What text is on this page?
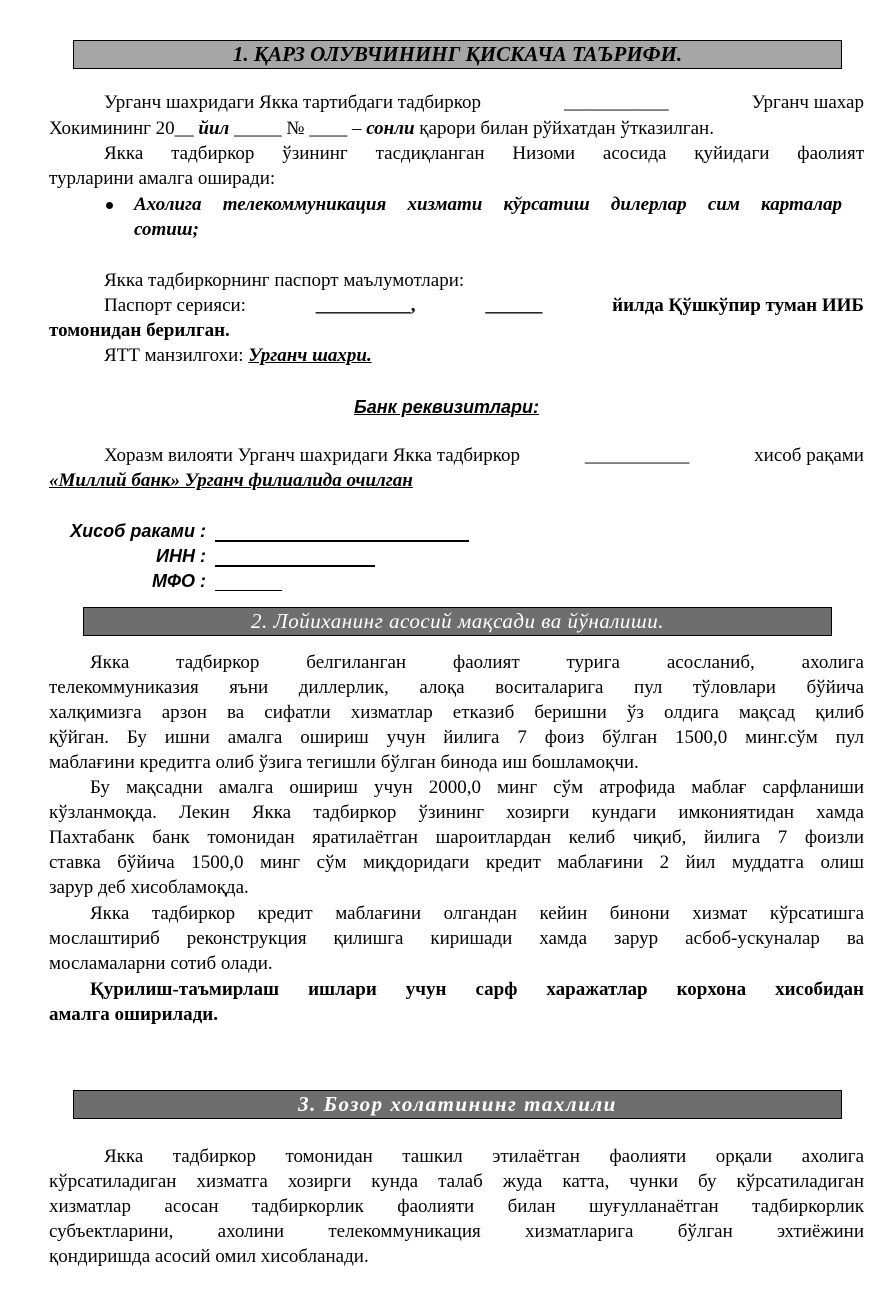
1. ҚАРЗ ОЛУВЧИНИНГ ҚИСКАЧА ТАЪРИФИ.
Урганч шахридаги Якка тартибдаги тадбиркор	___________	Урганч шахар
Хокимининг 20__ йил _____ № ____ – сонли қарори билан рўйхатдан ўтказилган.
Якка тадбиркор ўзининг тасдиқланган Низоми асосида қуйидаги фаолият
турларини амалга оширади:
Ахолига телекоммуникация хизмати кўрсатиш дилерлар сим карталар
сотиш;
Якка тадбиркорнинг паспорт маълумотлари:
Паспорт серияси:	__________,	______	йилда Қўшкўпир туман ИИБ
томонидан берилган.
ЯТТ манзилгохи: Урганч шахри.
Банк реквизитлари:
Хоразм вилояти Урганч шахридаги Якка тадбиркор	___________	хисоб рақами
«Миллий банк» Урганч филиалида очилган
Хисоб раками :
ИНН :
МФО :
2. Лойиханинг асосий мақсади ва йўналиши.
Якка тадбиркор белгиланган фаолият турига асосланиб, ахолига
телекоммуниказия яъни диллерлик, алоқа воситаларига пул тўловлари бўйича
халқимизга арзон ва сифатли хизматлар етказиб беришни ўз олдига мақсад қилиб
қўйган. Бу ишни амалга ошириш учун йилига 7 фоиз бўлган 1500,0 минг.сўм пул
маблағини кредитга олиб ўзига тегишли бўлган бинода иш бошламоқчи.
Бу мақсадни амалга ошириш учун 2000,0 минг сўм атрофида маблағ сарфланиши
кўзланмоқда. Лекин Якка тадбиркор ўзининг хозирги кундаги имкониятидан хамда
Пахтабанк банк томонидан яратилаётган шароитлардан келиб чиқиб, йилига 7 фоизли
ставка бўйича 1500,0 минг сўм миқдоридаги кредит маблағини 2 йил муддатга олиш
зарур деб хисобламоқда.
Якка тадбиркор кредит маблағини олгандан кейин бинони хизмат кўрсатишга
мослаштириб реконструкция қилишга киришади хамда зарур асбоб-ускуналар ва
мосламаларни сотиб олади.
Қурилиш-таъмирлаш ишлари учун сарф харажатлар корхона хисобидан
амалга оширилади.
3. Бозор холатининг тахлили
Якка тадбиркор томонидан ташкил этилаётган фаолияти орқали ахолига
кўрсатиладиган хизматга хозирги кунда талаб жуда катта, чунки бу кўрсатиладиган
хизматлар асосан тадбиркорлик фаолияти билан шуғулланаётган тадбиркорлик
субъектларини, ахолини телекоммуникация хизматларига бўлган эхтиёжини
қондиришда асосий омил хисобланади.
